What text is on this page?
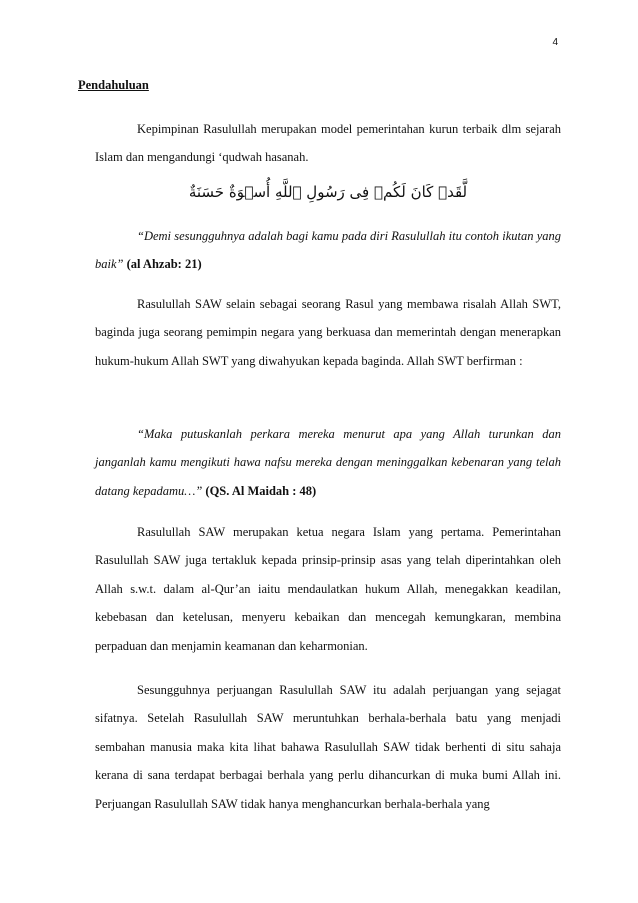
4
Pendahuluan

Kepimpinan Rasulullah merupakan model pemerintahan kurun terbaik dlm sejarah Islam dan mengandungi ‘qudwah hasanah.

لَّقَدۡ كَانَ لَكُمۡ فِى رَسُولِ ٱللَّهِ أُسۡوَةٌ حَسَنَةٌ

“Demi sesungguhnya adalah bagi kamu pada diri Rasulullah itu contoh ikutan yang baik” (al Ahzab: 21)

Rasulullah SAW selain sebagai seorang Rasul yang membawa risalah Allah SWT, baginda juga seorang pemimpin negara yang berkuasa dan memerintah dengan menerapkan hukum-hukum Allah SWT yang diwahyukan kepada baginda. Allah SWT berfirman :

“Maka putuskanlah perkara mereka menurut apa yang Allah turunkan dan janganlah kamu mengikuti hawa nafsu mereka dengan meninggalkan kebenaran yang telah datang kepadamu…” (QS. Al Maidah : 48)

Rasulullah SAW merupakan ketua negara Islam yang pertama. Pemerintahan Rasulullah SAW juga tertakluk kepada prinsip-prinsip asas yang telah diperintahkan oleh Allah s.w.t. dalam al-Qur’an iaitu mendaulatkan hukum Allah, menegakkan keadilan, kebebasan dan ketelusan, menyeru kebaikan dan mencegah kemungkaran, membina perpaduan dan menjamin keamanan dan keharmonian.

Sesungguhnya perjuangan Rasulullah SAW itu adalah perjuangan yang sejagat sifatnya. Setelah Rasulullah SAW meruntuhkan berhala-berhala batu yang menjadi sembahan manusia maka kita lihat bahawa Rasulullah SAW tidak berhenti di situ sahaja kerana di sana terdapat berbagai berhala yang perlu dihancurkan di muka bumi Allah ini. Perjuangan Rasulullah SAW tidak hanya menghancurkan berhala-berhala yang
